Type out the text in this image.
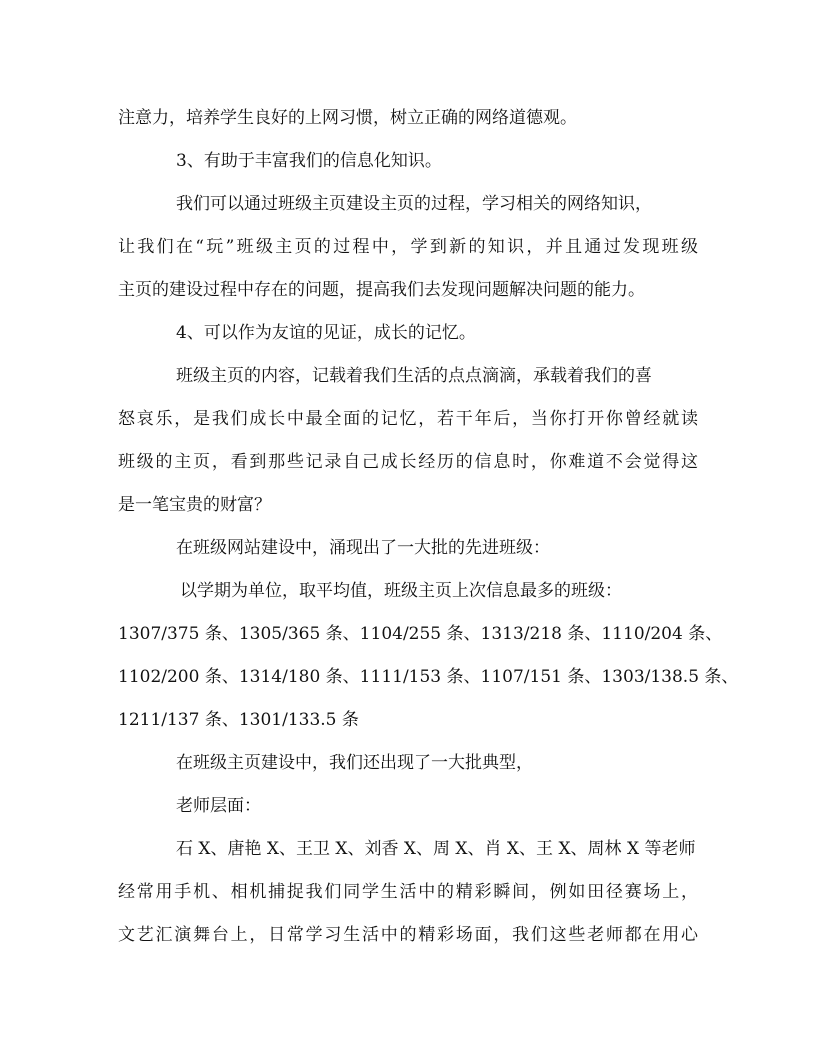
注意力，培养学生良好的上网习惯，树立正确的网络道德观。
3、有助于丰富我们的信息化知识。
我们可以通过班级主页建设主页的过程，学习相关的网络知识，
让我们在“玩”班级主页的过程中，学到新的知识，并且通过发现班级
主页的建设过程中存在的问题，提高我们去发现问题解决问题的能力。
4、可以作为友谊的见证，成长的记忆。
班级主页的内容，记载着我们生活的点点滴滴，承载着我们的喜
怒哀乐，是我们成长中最全面的记忆，若干年后，当你打开你曾经就读
班级的主页，看到那些记录自己成长经历的信息时，你难道不会觉得这
是一笔宝贵的财富？
在班级网站建设中，涌现出了一大批的先进班级：
以学期为单位，取平均值，班级主页上次信息最多的班级：
1307/375 条、1305/365 条、1104/255 条、1313/218 条、1110/204 条、
1102/200 条、1314/180 条、1111/153 条、1107/151 条、1303/138.5 条、
1211/137 条、1301/133.5 条
在班级主页建设中，我们还出现了一大批典型，
老师层面：
石 X、唐艳 X、王卫 X、刘香 X、周 X、肖 X、王 X、周林 X 等老师
经常用手机、相机捕捉我们同学生活中的精彩瞬间，例如田径赛场上，
文艺汇演舞台上，日常学习生活中的精彩场面，我们这些老师都在用心
